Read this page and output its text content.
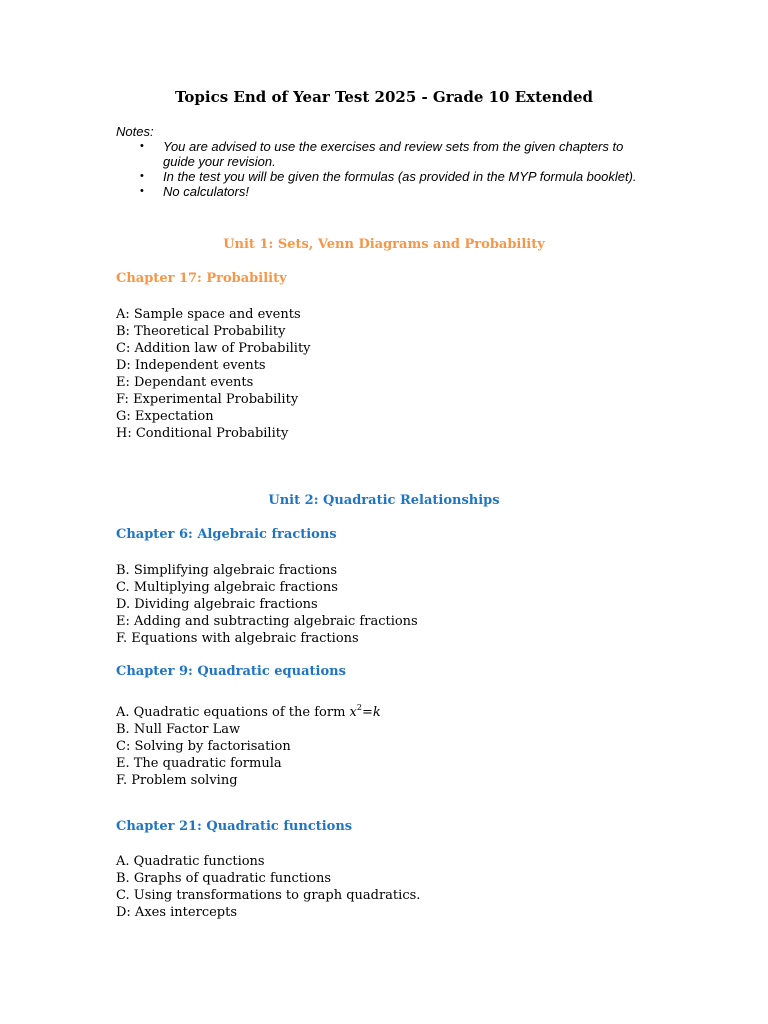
Topics End of Year Test 2025 - Grade 10 Extended
Notes:
• You are advised to use the exercises and review sets from the given chapters to guide your revision.
• In the test you will be given the formulas (as provided in the MYP formula booklet).
• No calculators!
Unit 1: Sets, Venn Diagrams and Probability
Chapter 17: Probability
A: Sample space and events
B: Theoretical Probability
C: Addition law of Probability
D: Independent events
E: Dependant events
F: Experimental Probability
G: Expectation
H: Conditional Probability
Unit 2: Quadratic Relationships
Chapter 6: Algebraic fractions
B. Simplifying algebraic fractions
C. Multiplying algebraic fractions
D. Dividing algebraic fractions
E: Adding and subtracting algebraic fractions
F. Equations with algebraic fractions
Chapter 9: Quadratic equations
A. Quadratic equations of the form $x^2=k$
B. Null Factor Law
C: Solving by factorisation
E. The quadratic formula
F. Problem solving
Chapter 21: Quadratic functions
A. Quadratic functions
B. Graphs of quadratic functions
C. Using transformations to graph quadratics.
D: Axes intercepts
